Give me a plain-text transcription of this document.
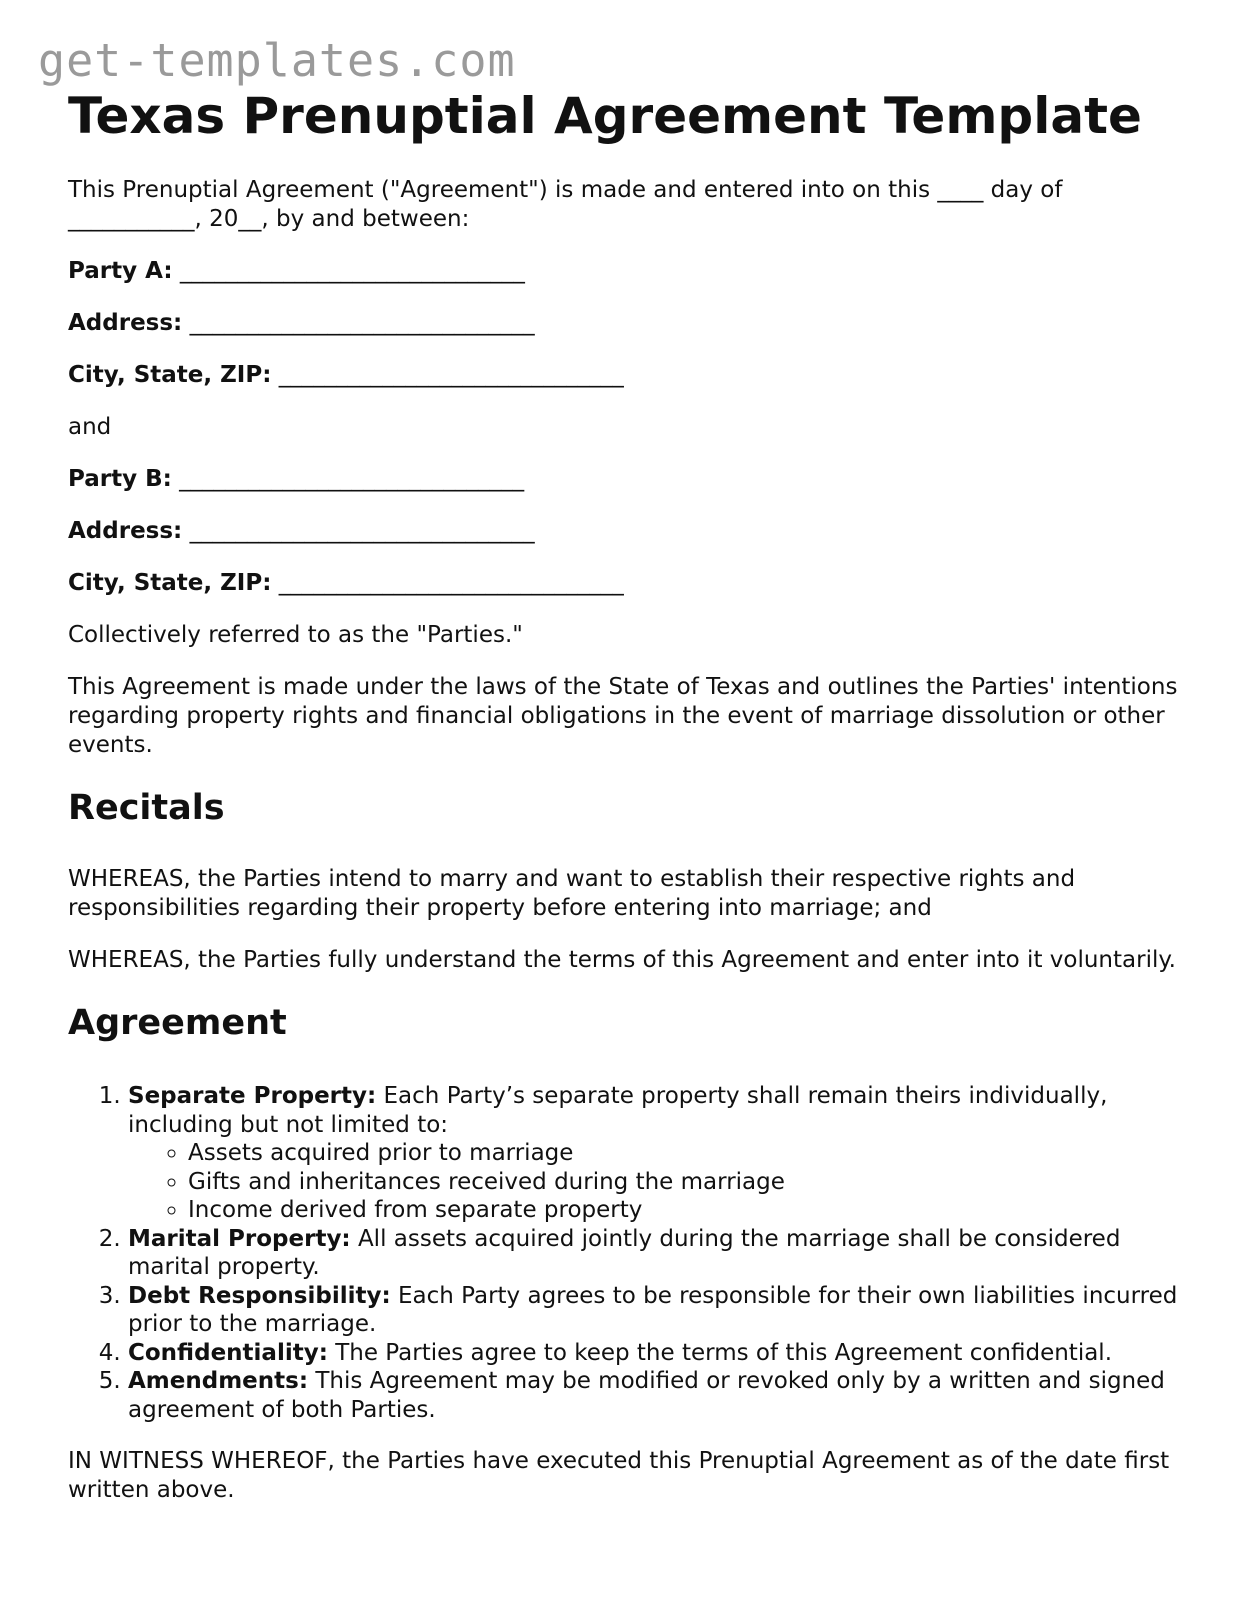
get-templates.com
Texas Prenuptial Agreement Template

This Prenuptial Agreement ("Agreement") is made and entered into on this ____ day of ___________, 20__, by and between:

Party A: ______________________________

Address: ______________________________

City, State, ZIP: ______________________________

and

Party B: ______________________________

Address: ______________________________

City, State, ZIP: ______________________________

Collectively referred to as the "Parties."

This Agreement is made under the laws of the State of Texas and outlines the Parties' intentions regarding property rights and financial obligations in the event of marriage dissolution or other events.

Recitals

WHEREAS, the Parties intend to marry and want to establish their respective rights and responsibilities regarding their property before entering into marriage; and

WHEREAS, the Parties fully understand the terms of this Agreement and enter into it voluntarily.

Agreement
1. Separate Property: Each Party’s separate property shall remain theirs individually, including but not limited to:
◦ Assets acquired prior to marriage
◦ Gifts and inheritances received during the marriage
◦ Income derived from separate property
2. Marital Property: All assets acquired jointly during the marriage shall be considered marital property.
3. Debt Responsibility: Each Party agrees to be responsible for their own liabilities incurred prior to the marriage.
4. Confidentiality: The Parties agree to keep the terms of this Agreement confidential.
5. Amendments: This Agreement may be modified or revoked only by a written and signed agreement of both Parties.

IN WITNESS WHEREOF, the Parties have executed this Prenuptial Agreement as of the date first written above.
